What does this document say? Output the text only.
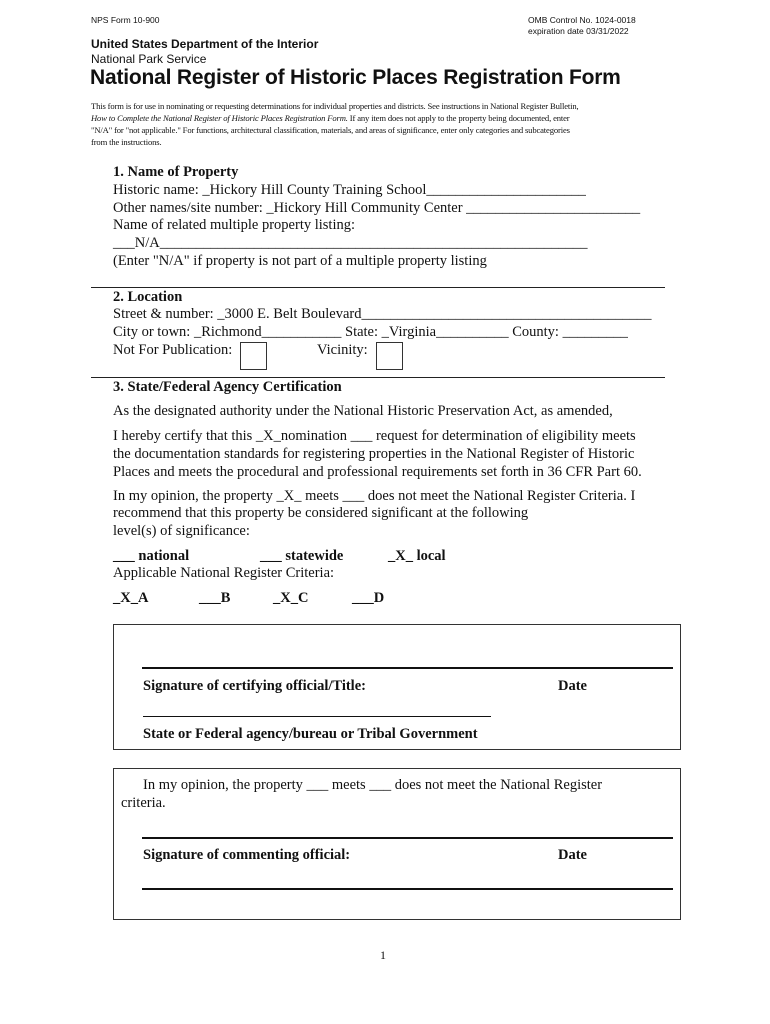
NPS Form 10-900	OMB Control No. 1024-0018
expiration date 03/31/2022
United States Department of the Interior
National Park Service
National Register of Historic Places Registration Form
This form is for use in nominating or requesting determinations for individual properties and districts. See instructions in National Register Bulletin,
How to Complete the National Register of Historic Places Registration Form. If any item does not apply to the property being documented, enter
"N/A" for "not applicable." For functions, architectural classification, materials, and areas of significance, enter only categories and subcategories
from the instructions.
1. Name of Property
Historic name: _Hickory Hill County Training School______________________
Other names/site number: _Hickory Hill Community Center ________________________
Name of related multiple property listing:
___N/A___________________________________________________________
(Enter "N/A" if property is not part of a multiple property listing
2. Location
Street & number: _3000 E. Belt Boulevard________________________________________
City or town: _Richmond___________ State: _Virginia__________ County: _________
Not For Publication:	Vicinity:
3. State/Federal Agency Certification
As the designated authority under the National Historic Preservation Act, as amended,
I hereby certify that this _X_nomination ___ request for determination of eligibility meets
the documentation standards for registering properties in the National Register of Historic
Places and meets the procedural and professional requirements set forth in 36 CFR Part 60.
In my opinion, the property _X_ meets ___ does not meet the National Register Criteria. I
recommend that this property be considered significant at the following
level(s) of significance:
___ national	___ statewide	_X_ local
Applicable National Register Criteria:
_X_A	___B	_X_C	___D
Signature of certifying official/Title:	Date
State or Federal agency/bureau or Tribal Government
In my opinion, the property ___ meets ___ does not meet the National Register
criteria.
Signature of commenting official:	Date
1
